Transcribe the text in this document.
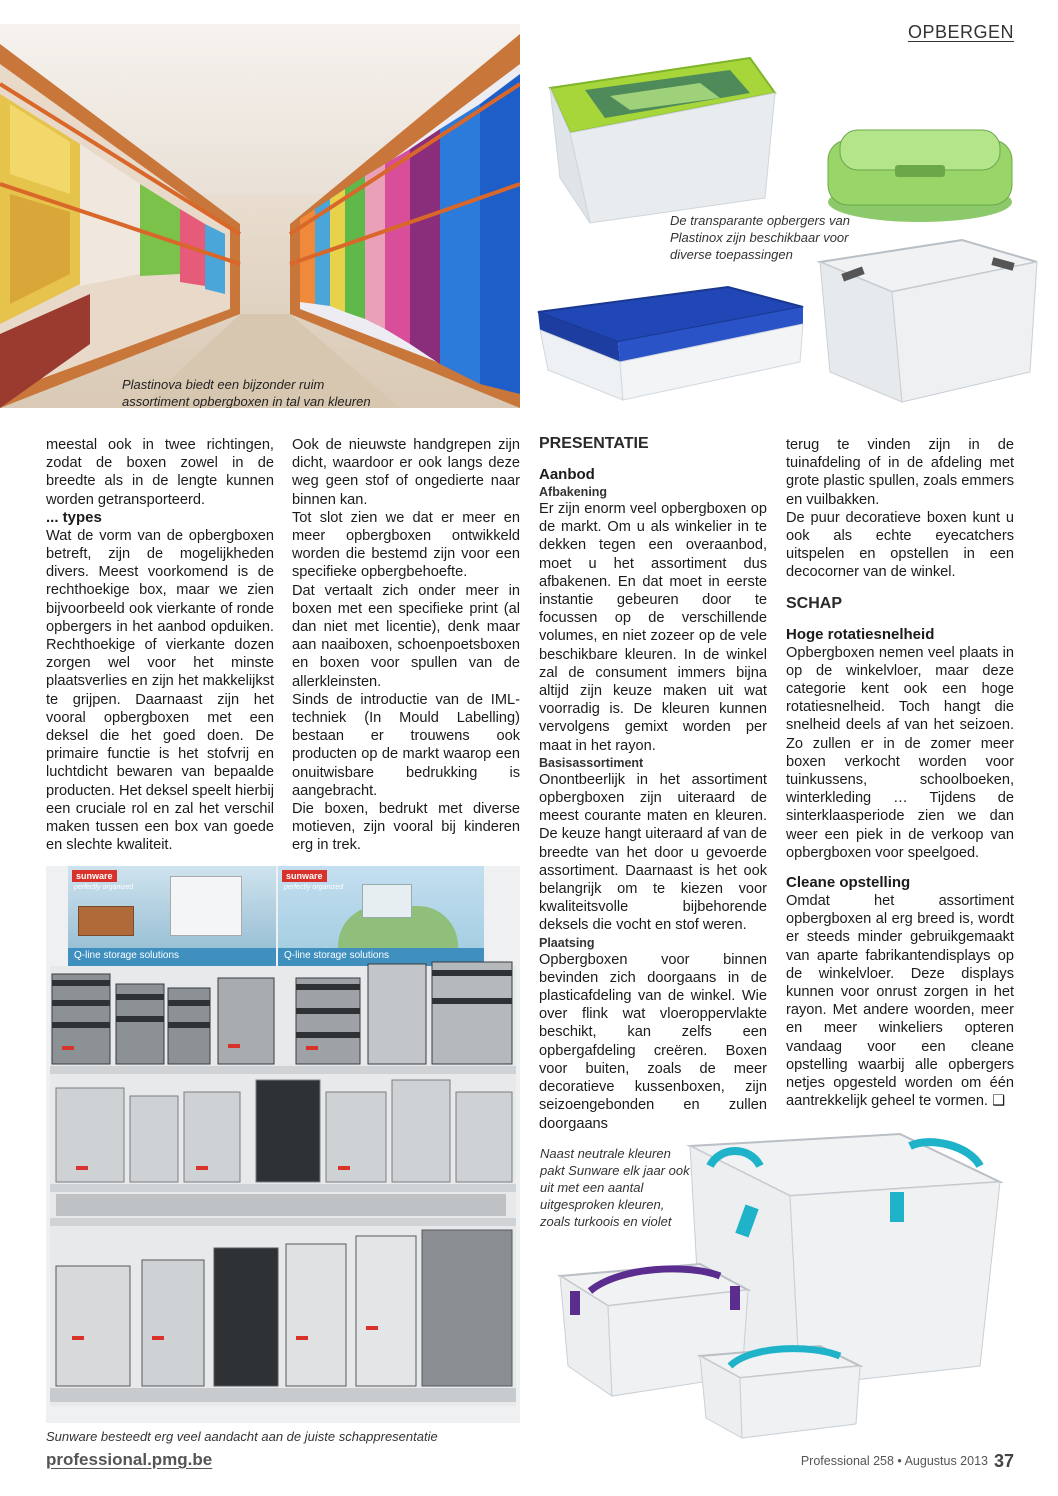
OPBERGEN
Plastinova biedt een bijzonder ruim assortiment opbergboxen in tal van kleuren
De transparante opbergers van Plastinox zijn beschikbaar voor diverse toepassingen

meestal ook in twee richtingen, zodat de boxen zowel in de breedte als in de lengte kunnen worden getransporteerd.

... types

Wat de vorm van de opbergboxen betreft, zijn de mogelijkheden divers. Meest voorkomend is de rechthoekige box, maar we zien bijvoorbeeld ook vierkante of ronde opbergers in het aanbod opduiken. Rechthoekige of vierkante dozen zorgen wel voor het minste plaatsverlies en zijn het makkelijkst te grijpen. Daarnaast zijn het vooral opbergboxen met een deksel die het goed doen. De primaire functie is het stofvrij en luchtdicht bewaren van bepaalde producten. Het deksel speelt hierbij een cruciale rol en zal het verschil maken tussen een box van goede en slechte kwaliteit.

Ook de nieuwste handgrepen zijn dicht, waardoor er ook langs deze weg geen stof of ongedierte naar binnen kan.

Tot slot zien we dat er meer en meer opbergboxen ontwikkeld worden die bestemd zijn voor een specifieke opbergbehoefte.

Dat vertaalt zich onder meer in boxen met een specifieke print (al dan niet met licentie), denk maar aan naaiboxen, schoenpoetsboxen en boxen voor spullen van de allerkleinsten.

Sinds de introductie van de IML-techniek (In Mould Labelling) bestaan er trouwens ook producten op de markt waarop een onuitwisbare bedrukking is aangebracht.

Die boxen, bedrukt met diverse motieven, zijn vooral bij kinderen erg in trek.

PRESENTATIE
Aanbod
Afbakening

Er zijn enorm veel opbergboxen op de markt. Om u als winkelier in te dekken tegen een overaanbod, moet u het assortiment dus afbakenen. En dat moet in eerste instantie gebeuren door te focussen op de verschillende volumes, en niet zozeer op de vele beschikbare kleuren. In de winkel zal de consument immers bijna altijd zijn keuze maken uit wat voorradig is. De kleuren kunnen vervolgens gemixt worden per maat in het rayon.

Basisassortiment

Onontbeerlijk in het assortiment opbergboxen zijn uiteraard de meest courante maten en kleuren. De keuze hangt uiteraard af van de breedte van het door u gevoerde assortiment. Daarnaast is het ook belangrijk om te kiezen voor kwaliteitsvolle bijbehorende deksels die vocht en stof weren.

Plaatsing

Opbergboxen voor binnen bevinden zich doorgaans in de plasticafdeling van de winkel. Wie over flink wat vloeroppervlakte beschikt, kan zelfs een opbergafdeling creëren. Boxen voor buiten, zoals de meer decoratieve kussenboxen, zijn seizoengebonden en zullen doorgaans

terug te vinden zijn in de tuinafdeling of in de afdeling met grote plastic spullen, zoals emmers en vuilbakken.

De puur decoratieve boxen kunt u ook als echte eyecatchers uitspelen en opstellen in een decocorner van de winkel.

SCHAP
Hoge rotatiesnelheid

Opbergboxen nemen veel plaats in op de winkelvloer, maar deze categorie kent ook een hoge rotatiesnelheid. Toch hangt die snelheid deels af van het seizoen. Zo zullen er in de zomer meer boxen verkocht worden voor tuinkussens, schoolboeken, winterkleding … Tijdens de sinterklaasperiode zien we dan weer een piek in de verkoop van opbergboxen voor speelgoed.

Cleane opstelling

Omdat het assortiment opbergboxen al erg breed is, wordt er steeds minder gebruikgemaakt van aparte fabrikantendisplays op de winkelvloer. Deze displays kunnen voor onrust zorgen in het rayon. Met andere woorden, meer en meer winkeliers opteren vandaag voor een cleane opstelling waarbij alle opbergers netjes opgesteld worden om één aantrekkelijk geheel te vormen. ❑

sunware
perfectly organized
Q-line storage solutions
sunware
perfectly organized
Q-line storage solutions
Sunware besteedt erg veel aandacht aan de juiste schappresentatie
Naast neutrale kleuren pakt Sunware elk jaar ook uit met een aantal uitgesproken kleuren, zoals turkoois en violet
professional.pmg.be	Professional 258 • Augustus 2013 37
